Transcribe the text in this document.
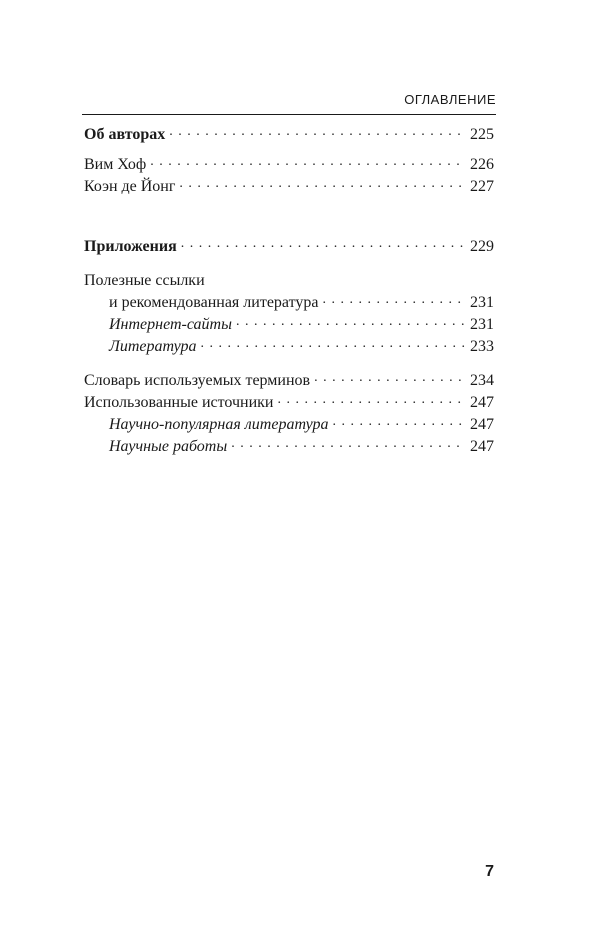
ОГЛАВЛЕНИЕ
Об авторах . . .	225
Вим Хоф . . .	226
Коэн де Йонг . . .	227
Приложения . . .	229
Полезные ссылки
и рекомендованная литература . . .	231
Интернет-сайты . . .	231
Литература . . .	233
Словарь используемых терминов . . .	234
Использованные источники . . .	247
Научно-популярная литература . . .	247
Научные работы . . .	247
7
